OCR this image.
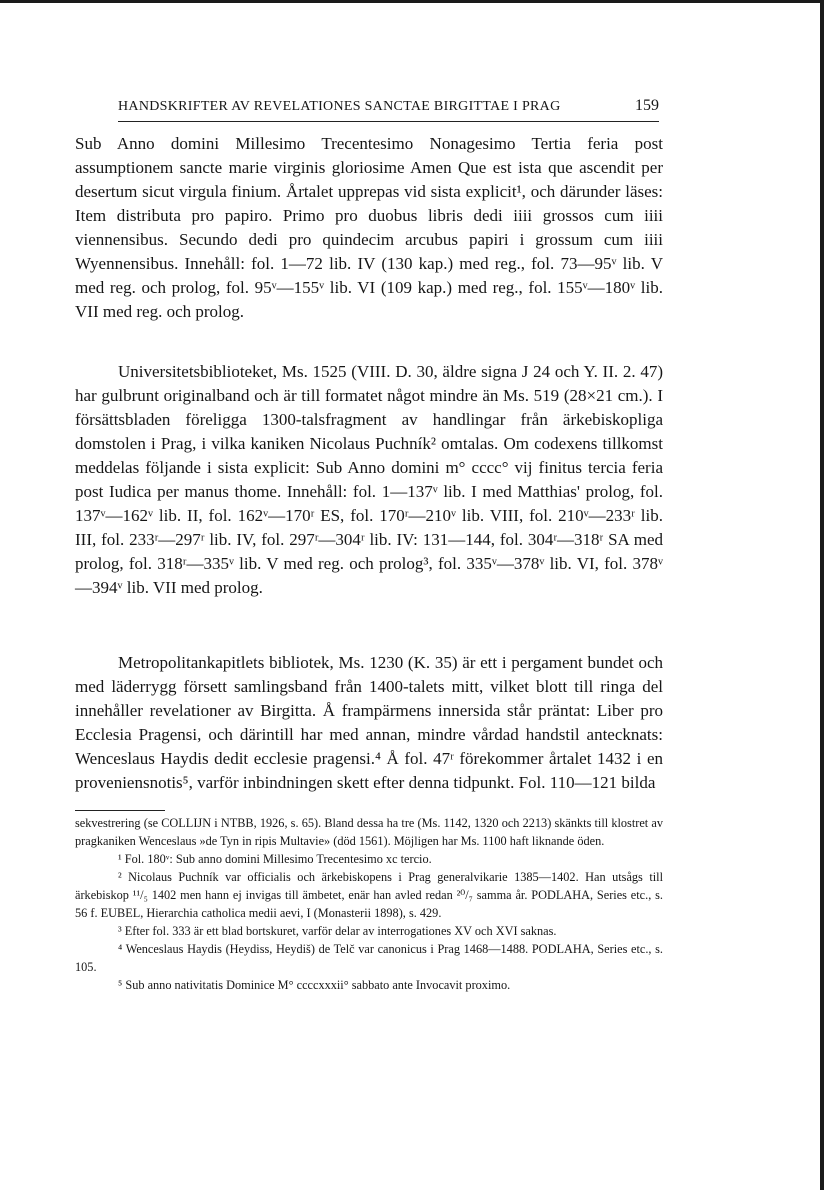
HANDSKRIFTER AV REVELATIONES SANCTAE BIRGITTAE I PRAG	159

Sub Anno domini Millesimo Trecentesimo Nonagesimo Tertia feria post assumptionem sancte marie virginis gloriosime Amen Que est ista que ascendit per desertum sicut virgula finium. Årtalet upprepas vid sista explicit¹, och därunder läses: Item distributa pro papiro. Primo pro duobus libris dedi iiii grossos cum iiii viennensibus. Secundo dedi pro quindecim arcubus papiri i grossum cum iiii Wyennensibus. Innehåll: fol. 1—72 lib. IV (130 kap.) med reg., fol. 73—95ᵛ lib. V med reg. och prolog, fol. 95ᵛ—155ᵛ lib. VI (109 kap.) med reg., fol. 155ᵛ—180ᵛ lib. VII med reg. och prolog.

Universitetsbiblioteket, Ms. 1525 (VIII. D. 30, äldre signa J 24 och Y. II. 2. 47) har gulbrunt originalband och är till formatet något mindre än Ms. 519 (28×21 cm.). I försättsbladen föreligga 1300-talsfragment av handlingar från ärkebiskopliga domstolen i Prag, i vilka kaniken Nicolaus Puchník² omtalas. Om codexens tillkomst meddelas följande i sista explicit: Sub Anno domini m° cccc° vij finitus tercia feria post Iudica per manus thome. Innehåll: fol. 1—137ᵛ lib. I med Matthias' prolog, fol. 137ᵛ—162ᵛ lib. II, fol. 162ᵛ—170ʳ ES, fol. 170ʳ—210ᵛ lib. VIII, fol. 210ᵛ—233ʳ lib. III, fol. 233ʳ—297ʳ lib. IV, fol. 297ʳ—304ʳ lib. IV: 131—144, fol. 304ʳ—318ʳ SA med prolog, fol. 318ʳ—335ᵛ lib. V med reg. och prolog³, fol. 335ᵛ—378ᵛ lib. VI, fol. 378ᵛ—394ᵛ lib. VII med prolog.

Metropolitankapitlets bibliotek, Ms. 1230 (K. 35) är ett i pergament bundet och med läderrygg försett samlingsband från 1400-talets mitt, vilket blott till ringa del innehåller revelationer av Birgitta. Å frampärmens innersida står präntat: Liber pro Ecclesia Pragensi, och därintill har med annan, mindre vårdad handstil antecknats: Wenceslaus Haydis dedit ecclesie pragensi.⁴ Å fol. 47ʳ förekommer årtalet 1432 i en proveniensnotis⁵, varför inbindningen skett efter denna tidpunkt. Fol. 110—121 bilda

sekvestrering (se COLLIJN i NTBB, 1926, s. 65). Bland dessa ha tre (Ms. 1142, 1320 och 2213) skänkts till klostret av pragkaniken Wenceslaus »de Tyn in ripis Multavie» (död 1561). Möjligen har Ms. 1100 haft liknande öden.

¹ Fol. 180ᵛ: Sub anno domini Millesimo Trecentesimo xc tercio.

² Nicolaus Puchník var officialis och ärkebiskopens i Prag generalvikarie 1385—1402. Han utsågs till ärkebiskop ¹¹/₅ 1402 men hann ej invigas till ämbetet, enär han avled redan ²⁰/₇ samma år. PODLAHA, Series etc., s. 56 f. EUBEL, Hierarchia catholica medii aevi, I (Monasterii 1898), s. 429.

³ Efter fol. 333 är ett blad bortskuret, varför delar av interrogationes XV och XVI saknas.

⁴ Wenceslaus Haydis (Heydiss, Heydiš) de Telč var canonicus i Prag 1468—1488. PODLAHA, Series etc., s. 105.

⁵ Sub anno nativitatis Dominice M° ccccxxxii° sabbato ante Invocavit proximo.
